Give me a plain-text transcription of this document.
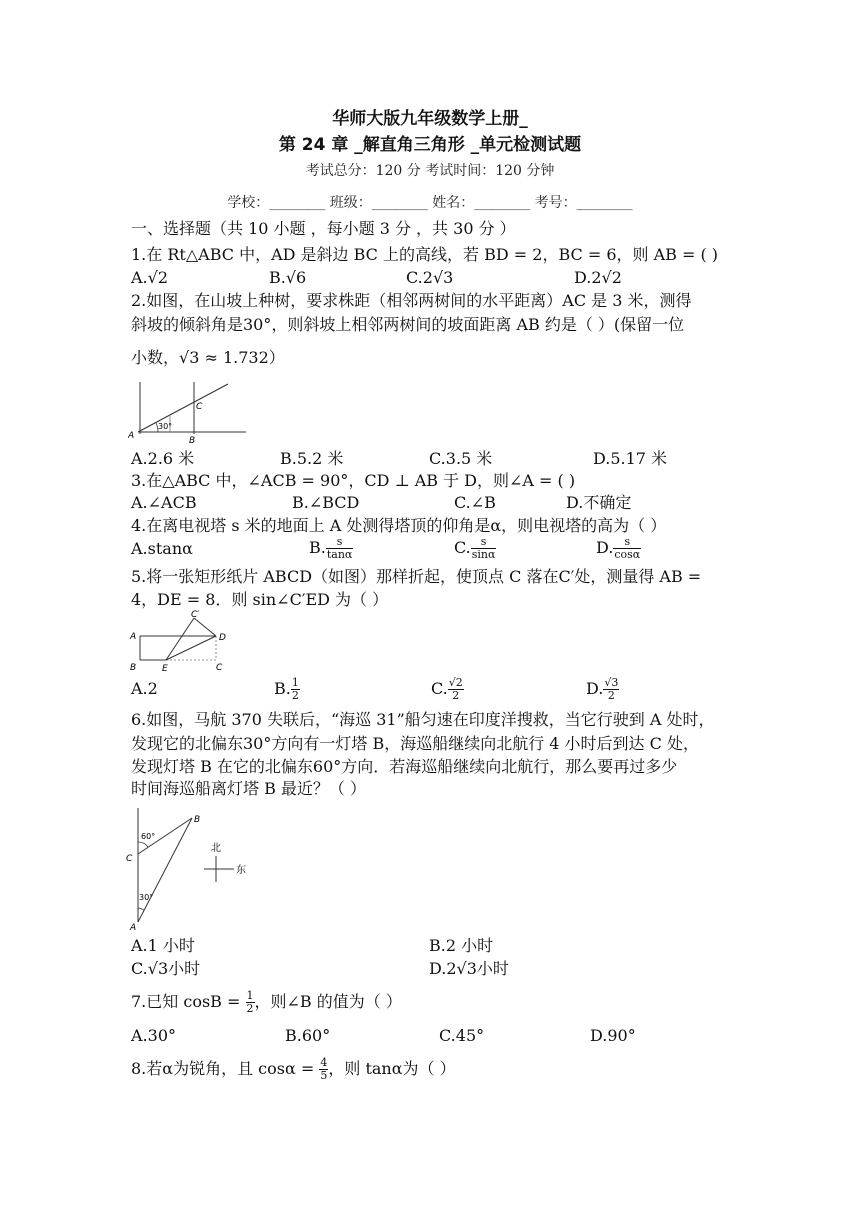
华师大版九年级数学上册_
第 24 章 _解直角三角形 _单元检测试题
考试总分：120 分 考试时间：120 分钟
学校：________ 班级：________ 姓名：________ 考号：________
一、选择题（共 10 小题 ，每小题 3 分 ，共 30 分 ）
1.在 Rt△ABC 中，AD 是斜边 BC 上的高线，若 BD = 2，BC = 6，则 AB = ( )
A.√2	B.√6	C.2√3	D.2√2
2.如图，在山坡上种树，要求株距（相邻两树间的水平距离）AC 是 3 米，测得
斜坡的倾斜角是30°，则斜坡上相邻两树间的坡面距离 AB 约是（ ）(保留一位
小数，√3 ≈ 1.732）
A	B
C
30°
A.2.6 米	B.5.2 米	C.3.5 米	D.5.17 米
3.在△ABC 中，∠ACB = 90°，CD ⊥ AB 于 D，则∠A = ( )
A.∠ACB	B.∠BCD	C.∠B	D.不确定
4.在离电视塔 s 米的地面上 A 处测得塔顶的仰角是α，则电视塔的高为（ ）
A.stanα	B. $\frac{s}{\tan\alpha}$	C. $\frac{s}{\sin\alpha}$	D. $\frac{s}{\cos\alpha}$
5.将一张矩形纸片 ABCD（如图）那样折起，使顶点 C 落在C′处，测量得 AB =
4，DE = 8．则 sin∠C′ED 为（ ）
A
B	C
D
E
C′
A.2	B. $\frac{1}{2}$	C. $\frac{√2}{2}$	D. $\frac{√3}{2}$
6.如图，马航 370 失联后，“海巡 31”船匀速在印度洋搜救，当它行驶到 A 处时，
发现它的北偏东30°方向有一灯塔 B，海巡船继续向北航行 4 小时后到达 C 处，
发现灯塔 B 在它的北偏东60°方向．若海巡船继续向北航行，那么要再过多少
时间海巡船离灯塔 B 最近？（ ）
C
A
B
60°
30°
北
东
A.1 小时	B.2 小时
C.√3小时	D.2√3小时
7.已知 $\cos B = \frac{1}{2}$ ，则∠B 的值为（ ）
A.30°	B.60°	C.45°	D.90°
8.若α为锐角，且 $\cos\alpha = \frac{4}{5}$ ，则 tanα为（ ）
